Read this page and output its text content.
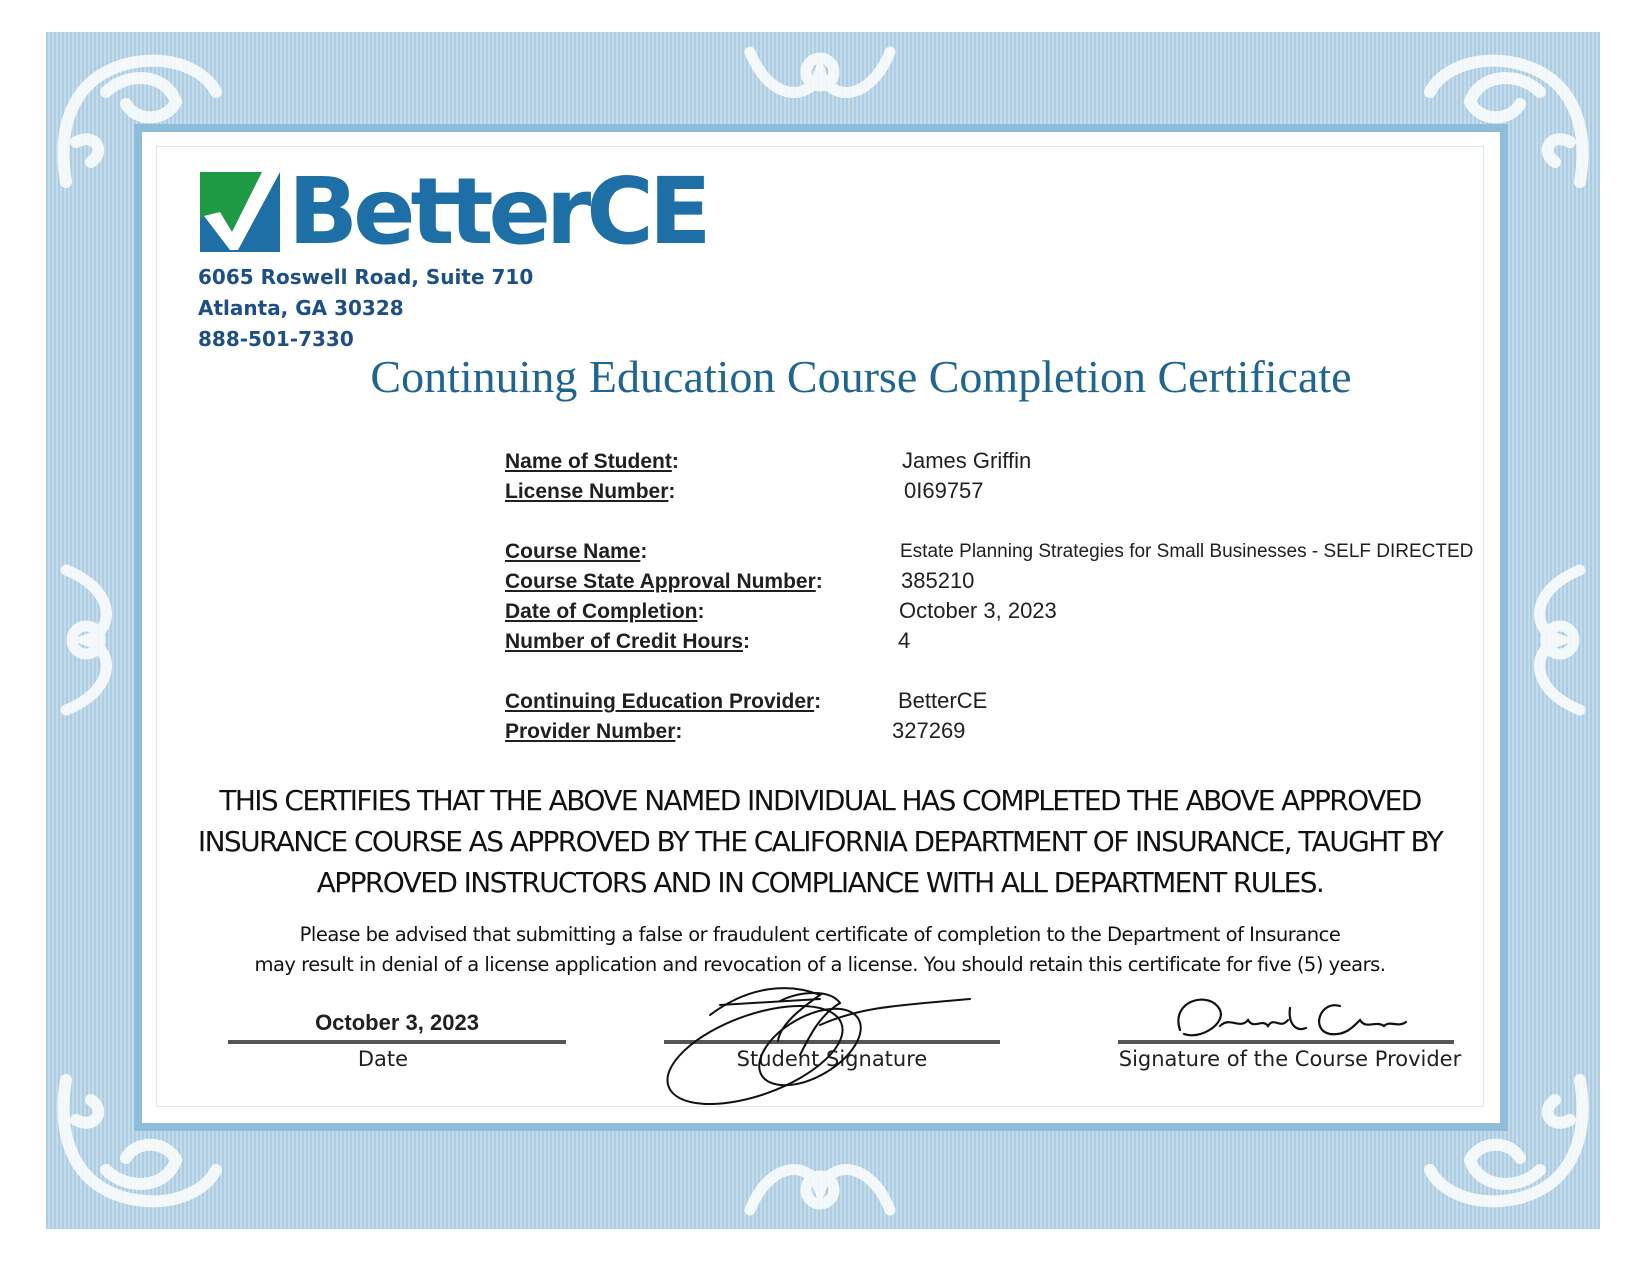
BetterCE
6065 Roswell Road, Suite 710
Atlanta, GA 30328
888-501-7330
Continuing Education Course Completion Certificate
Name of Student:	James Griffin
License Number:	0I69757
Course Name:	Estate Planning Strategies for Small Businesses - SELF DIRECTED
Course State Approval Number:	385210
Date of Completion:	October 3, 2023
Number of Credit Hours:	4
Continuing Education Provider:	BetterCE
Provider Number:	327269
THIS CERTIFIES THAT THE ABOVE NAMED INDIVIDUAL HAS COMPLETED THE ABOVE APPROVED
INSURANCE COURSE AS APPROVED BY THE CALIFORNIA DEPARTMENT OF INSURANCE, TAUGHT BY
APPROVED INSTRUCTORS AND IN COMPLIANCE WITH ALL DEPARTMENT RULES.
Please be advised that submitting a false or fraudulent certificate of completion to the Department of Insurance
may result in denial of a license application and revocation of a license. You should retain this certificate for five (5) years.
October 3, 2023
Date	Student Signature	Signature of the Course Provider
